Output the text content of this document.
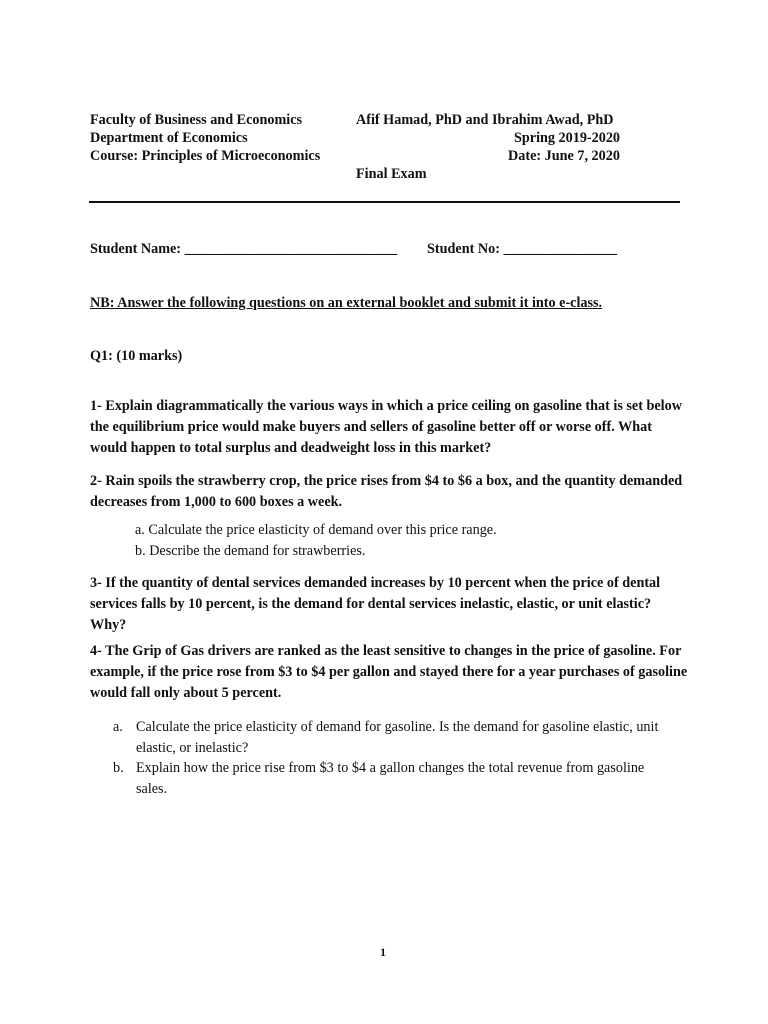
Faculty of Business and Economics
Department of Economics
Course: Principles of Microeconomics
Afif Hamad, PhD and Ibrahim Awad, PhD
Spring 2019-2020
Date: June 7, 2020
Final Exam
Student Name: ______________________________ Student No: ________________
NB: Answer the following questions on an external booklet and submit it into e-class.
Q1: (10 marks)
1- Explain diagrammatically the various ways in which a price ceiling on gasoline that is set below the equilibrium price would make buyers and sellers of gasoline better off or worse off. What would happen to total surplus and deadweight loss in this market?
2- Rain spoils the strawberry crop, the price rises from $4 to $6 a box, and the quantity demanded decreases from 1,000 to 600 boxes a week.
a. Calculate the price elasticity of demand over this price range.
b. Describe the demand for strawberries.
3- If the quantity of dental services demanded increases by 10 percent when the price of dental services falls by 10 percent, is the demand for dental services inelastic, elastic, or unit elastic? Why?
4- The Grip of Gas drivers are ranked as the least sensitive to changes in the price of gasoline. For example, if the price rose from $3 to $4 per gallon and stayed there for a year purchases of gasoline would fall only about 5 percent.
a. Calculate the price elasticity of demand for gasoline. Is the demand for gasoline elastic, unit elastic, or inelastic?
b. Explain how the price rise from $3 to $4 a gallon changes the total revenue from gasoline sales.
1
